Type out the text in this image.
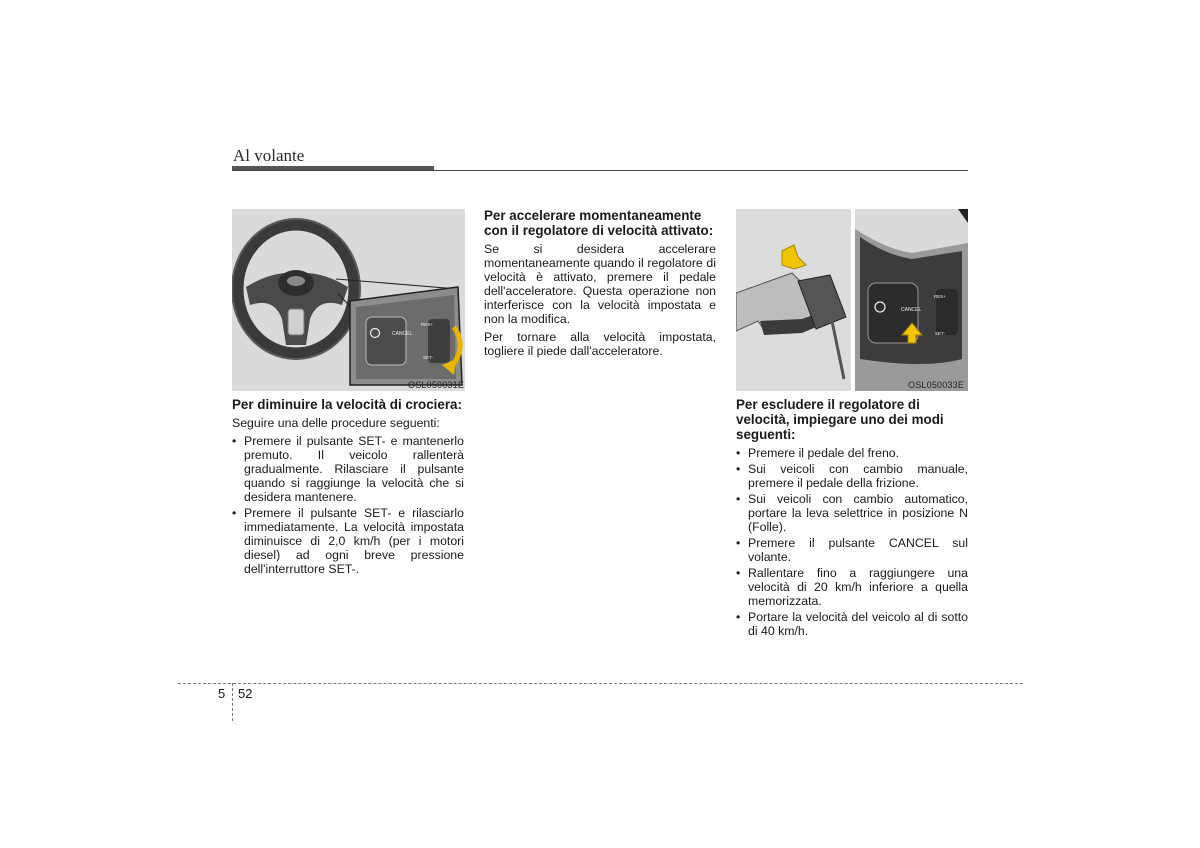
Al volante
CANCEL
RES+
SET-
OSL050031E
CANCEL
RES+
SET-
OSL050033E
Per diminuire la velocità di crociera:

Seguire una delle procedure seguenti:

• Premere il pulsante SET- e mantenerlo premuto. Il veicolo rallenterà gradualmente. Rilasciare il pulsante quando si raggiunge la velocità che si desidera mantenere.
• Premere il pulsante SET- e rilasciarlo immediatamente. La velocità impostata diminuisce di 2,0 km/h (per i motori diesel) ad ogni breve pressione dell'interruttore SET-.
Per accelerare momentaneamente con il regolatore di velocità attivato:

Se si desidera accelerare momentaneamente quando il regolatore di velocità è attivato, premere il pedale dell'acceleratore. Questa operazione non interferisce con la velocità impostata e non la modifica.

Per tornare alla velocità impostata, togliere il piede dall'acceleratore.

Per escludere il regolatore di velocità, impiegare uno dei modi seguenti:
• Premere il pedale del freno.
• Sui veicoli con cambio manuale, premere il pedale della frizione.
• Sui veicoli con cambio automatico, portare la leva selettrice in posizione N (Folle).
• Premere il pulsante CANCEL sul volante.
• Rallentare fino a raggiungere una velocità di 20 km/h inferiore a quella memorizzata.
• Portare la velocità del veicolo al di sotto di 40 km/h.
5 52
